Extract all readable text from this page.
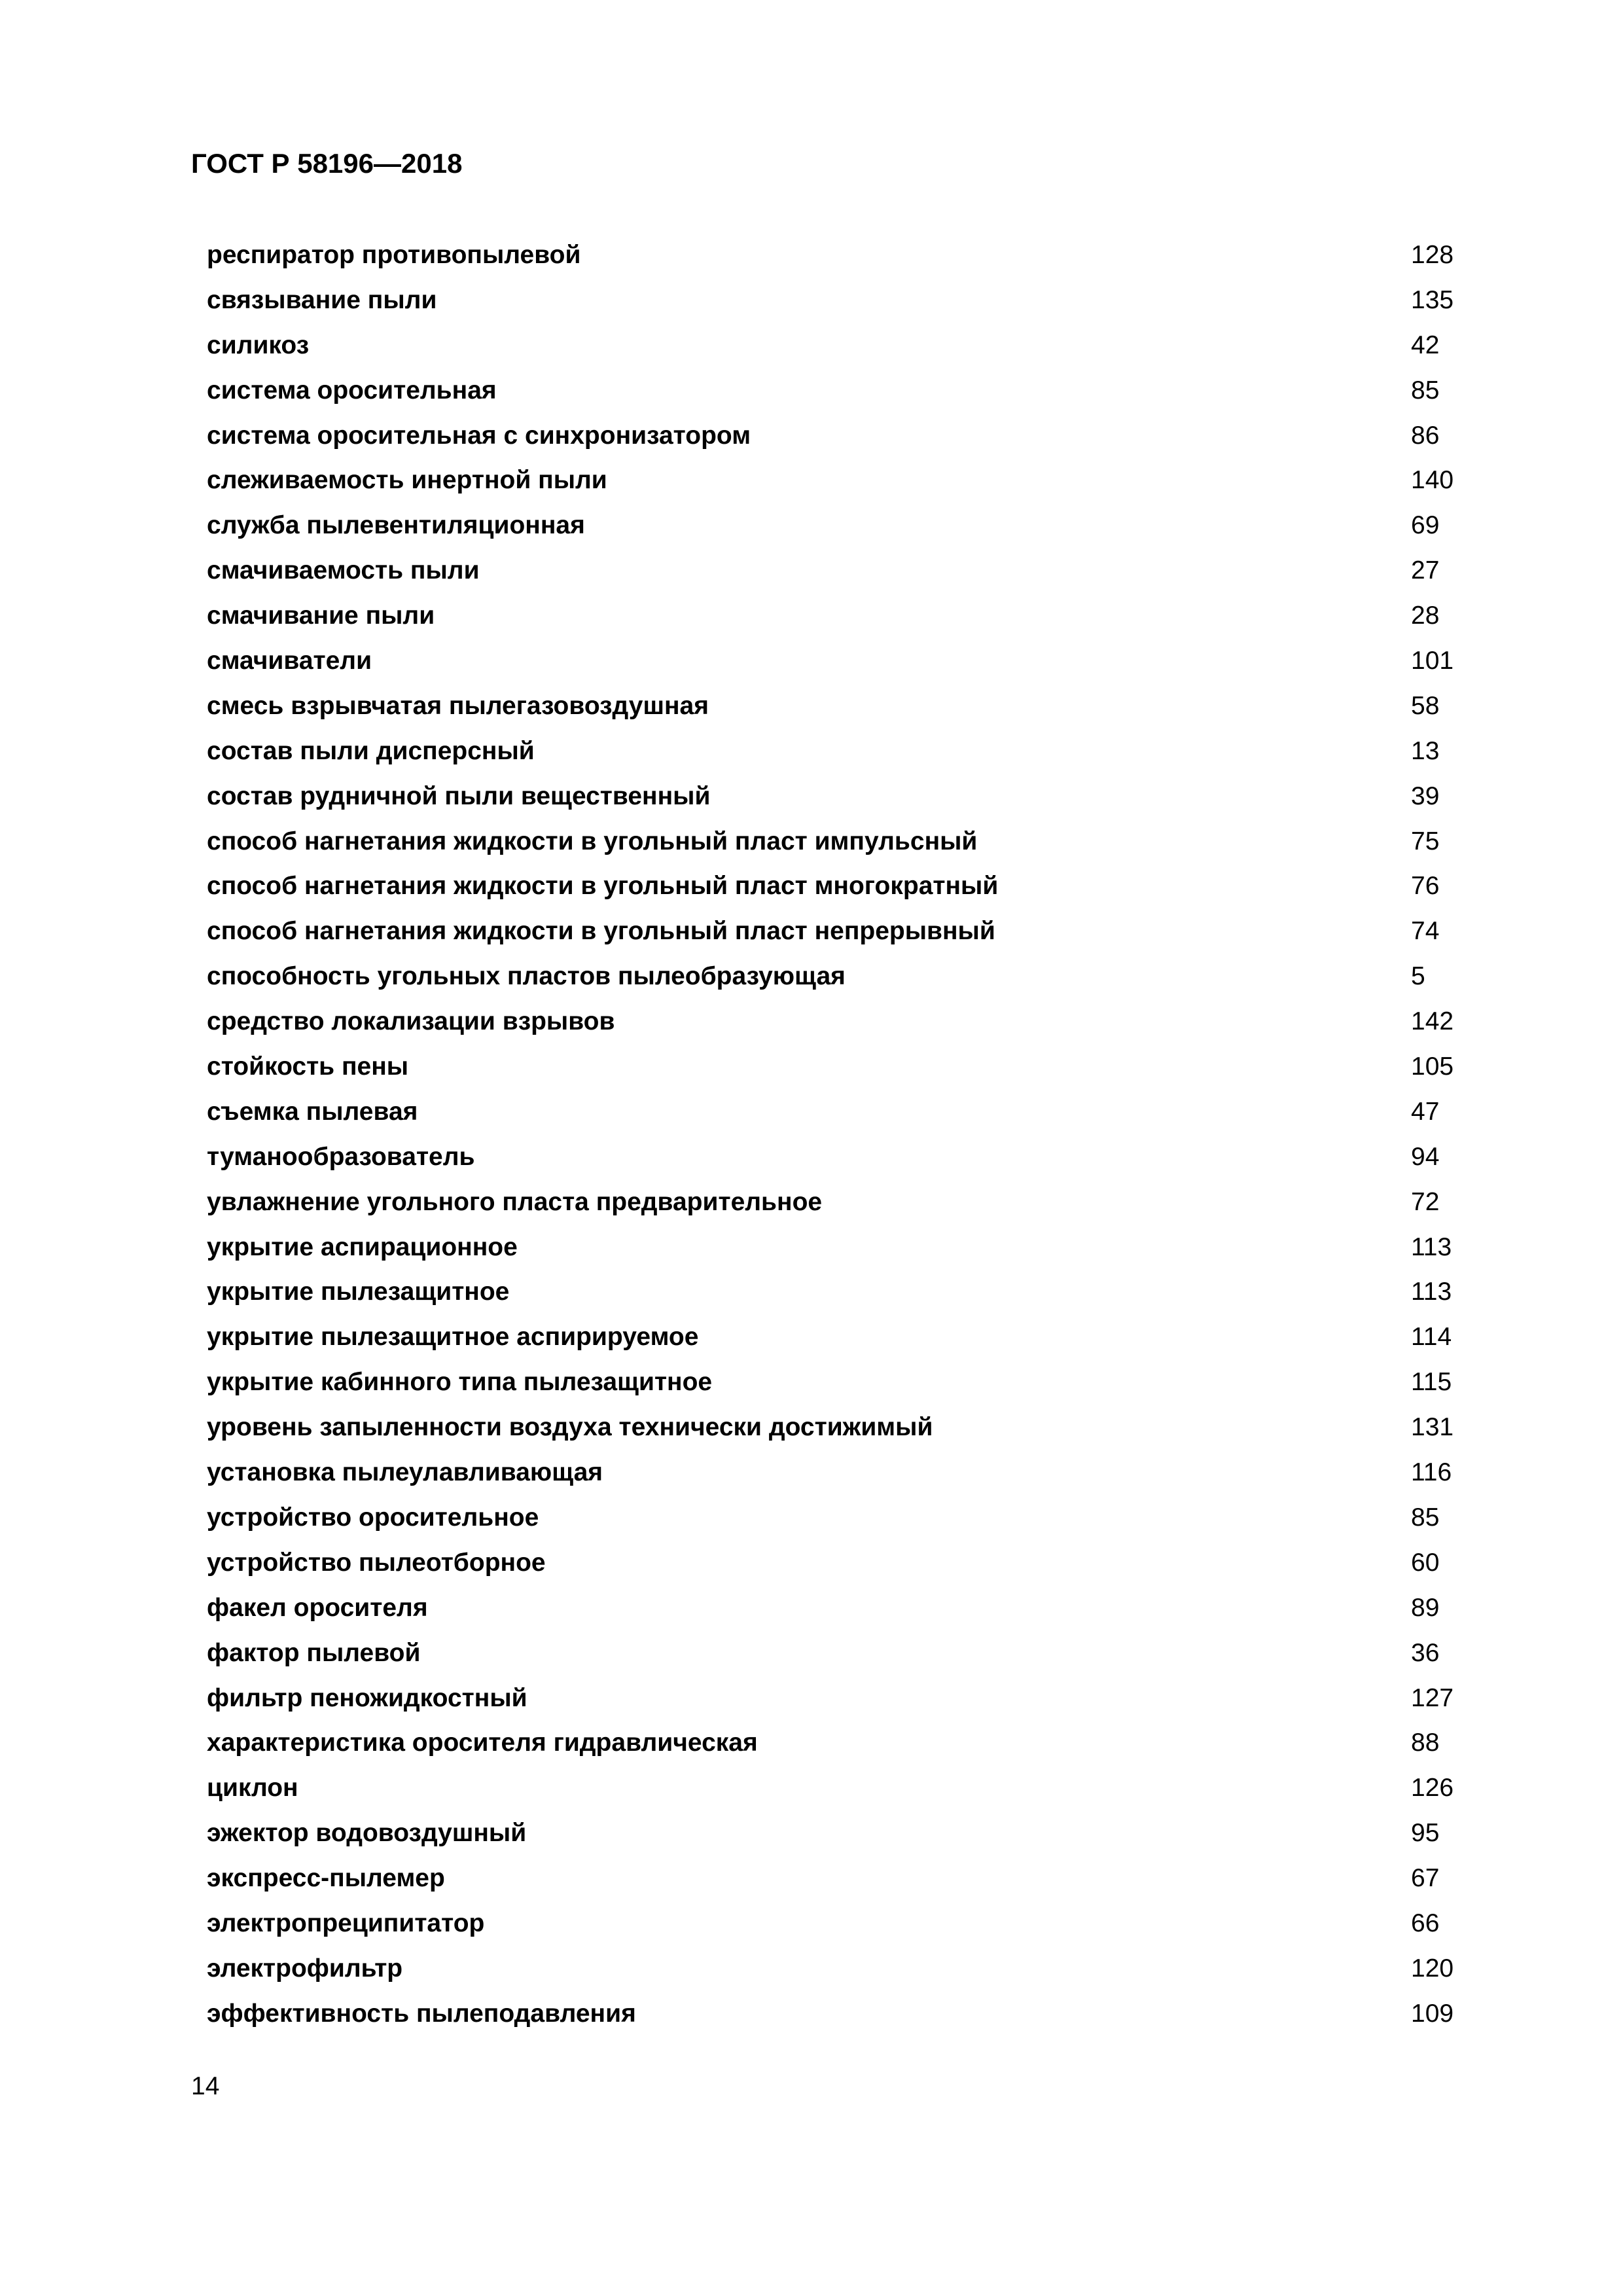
ГОСТ Р 58196—2018
респиратор противопылевой	128
связывание пыли	135
силикоз	42
система оросительная	85
система оросительная с синхронизатором	86
слеживаемость инертной пыли	140
служба пылевентиляционная	69
смачиваемость пыли	27
смачивание пыли	28
смачиватели	101
смесь взрывчатая пылегазовоздушная	58
состав пыли дисперсный	13
состав рудничной пыли вещественный	39
способ нагнетания жидкости в угольный пласт импульсный	75
способ нагнетания жидкости в угольный пласт многократный	76
способ нагнетания жидкости в угольный пласт непрерывный	74
способность угольных пластов пылеобразующая	5
средство локализации взрывов	142
стойкость пены	105
съемка пылевая	47
туманообразователь	94
увлажнение угольного пласта предварительное	72
укрытие аспирационное	113
укрытие пылезащитное	113
укрытие пылезащитное аспирируемое	114
укрытие кабинного типа пылезащитное	115
уровень запыленности воздуха технически достижимый	131
установка пылеулавливающая	116
устройство оросительное	85
устройство пылеотборное	60
факел оросителя	89
фактор пылевой	36
фильтр пеножидкостный	127
характеристика оросителя гидравлическая	88
циклон	126
эжектор водовоздушный	95
экспресс-пылемер	67
электропреципитатор	66
электрофильтр	120
эффективность пылеподавления	109
14
